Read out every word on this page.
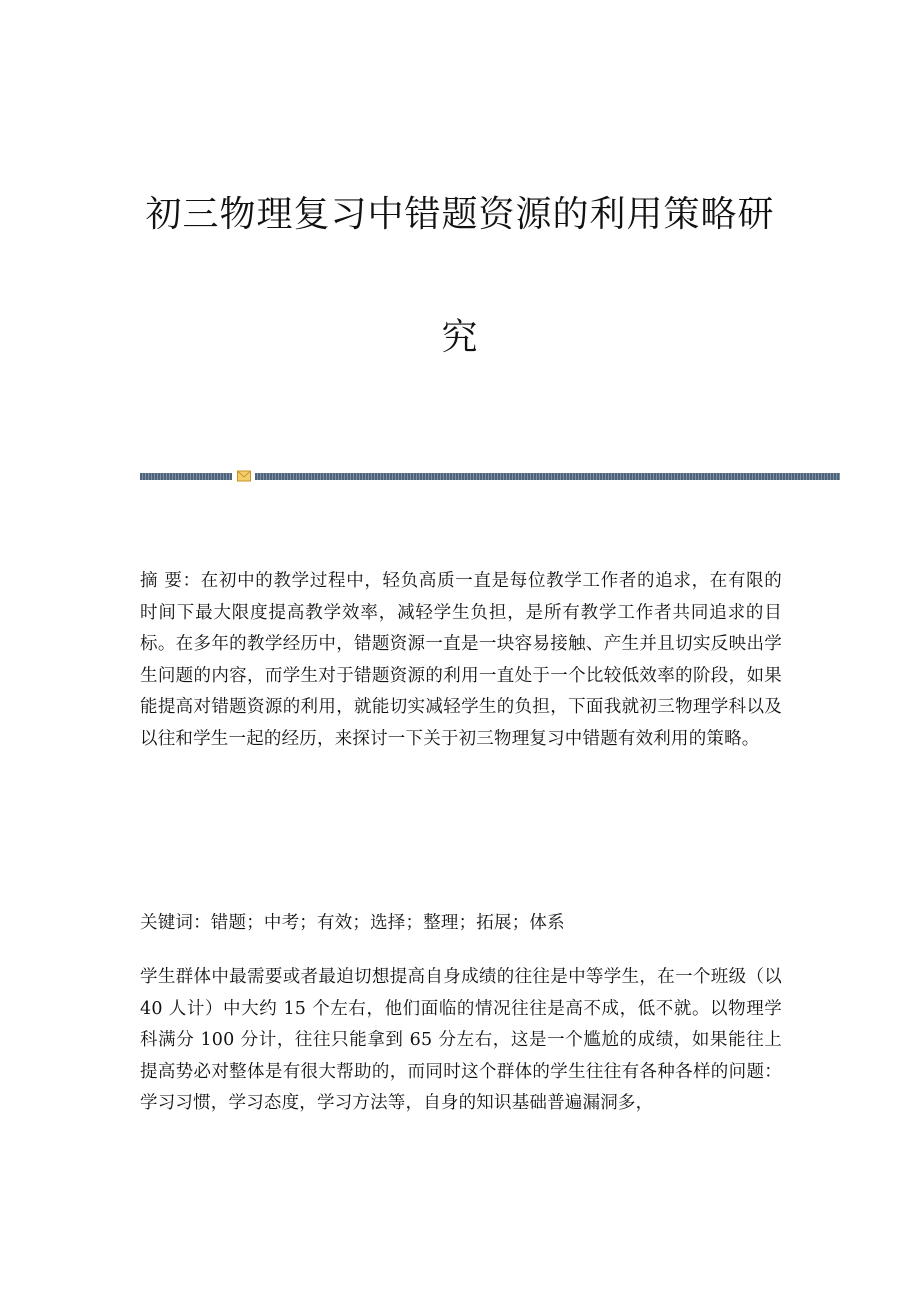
初三物理复习中错题资源的利用策略研
究

摘 要：在初中的教学过程中，轻负高质一直是每位教学工作者的追求，在有限的时间下最大限度提高教学效率，减轻学生负担，是所有教学工作者共同追求的目标。在多年的教学经历中，错题资源一直是一块容易接触、产生并且切实反映出学生问题的内容，而学生对于错题资源的利用一直处于一个比较低效率的阶段，如果能提高对错题资源的利用，就能切实减轻学生的负担，下面我就初三物理学科以及以往和学生一起的经历，来探讨一下关于初三物理复习中错题有效利用的策略。

关键词：错题；中考；有效；选择；整理；拓展；体系

学生群体中最需要或者最迫切想提高自身成绩的往往是中等学生，在一个班级（以 40 人计）中大约 15 个左右，他们面临的情况往往是高不成，低不就。以物理学科满分 100 分计，往往只能拿到 65 分左右，这是一个尴尬的成绩，如果能往上提高势必对整体是有很大帮助的，而同时这个群体的学生往往有各种各样的问题：学习习惯，学习态度，学习方法等，自身的知识基础普遍漏洞多，
